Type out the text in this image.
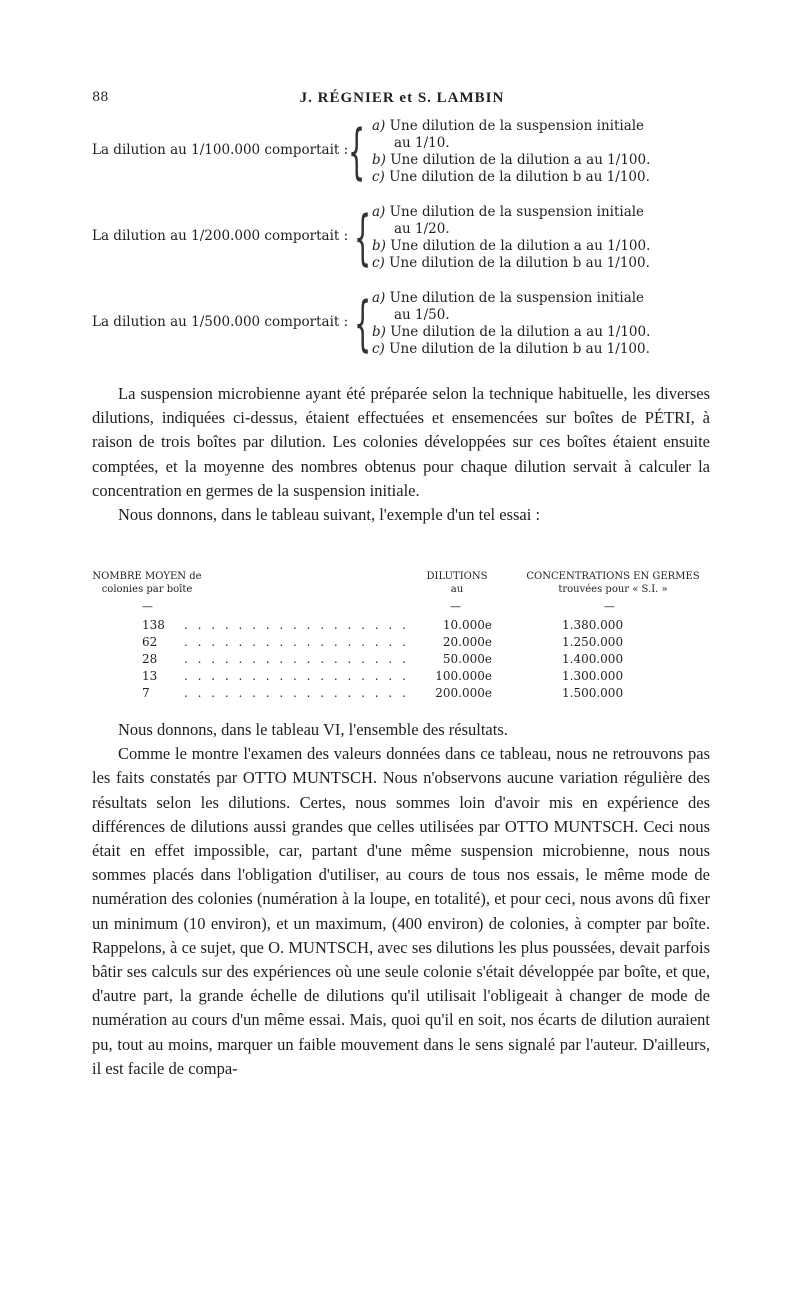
88	J. RÉGNIER et S. LAMBIN
La dilution au 1/100.000 comportait : { a) Une dilution de la suspension initiale
au 1/10.
b) Une dilution de la dilution a au 1/100.
c) Une dilution de la dilution b au 1/100.
La dilution au 1/200.000 comportait : { a) Une dilution de la suspension initiale
au 1/20.
b) Une dilution de la dilution a au 1/100.
c) Une dilution de la dilution b au 1/100.
La dilution au 1/500.000 comportait : { a) Une dilution de la suspension initiale
au 1/50.
b) Une dilution de la dilution a au 1/100.
c) Une dilution de la dilution b au 1/100.

La suspension microbienne ayant été préparée selon la technique habituelle, les diverses dilutions, indiquées ci-dessus, étaient effectuées et ensemencées sur boîtes de PÉTRI, à raison de trois boîtes par dilution. Les colonies développées sur ces boîtes étaient ensuite comptées, et la moyenne des nombres obtenus pour chaque dilution servait à calculer la concentration en germes de la suspension initiale.

Nous donnons, dans le tableau suivant, l'exemple d'un tel essai :

NOMBRE MOYEN de colonies par boîte
DILUTIONS au
CONCENTRATIONS EN GERMES trouvées pour « S.I. »
—	—	—
138	. . . . . . . . . . . . . . . . .	10.000e	1.380.000
62	. . . . . . . . . . . . . . . . .	20.000e	1.250.000
28	. . . . . . . . . . . . . . . . .	50.000e	1.400.000
13	. . . . . . . . . . . . . . . . .	100.000e	1.300.000
7	. . . . . . . . . . . . . . . . .	200.000e	1.500.000

Nous donnons, dans le tableau VI, l'ensemble des résultats.

Comme le montre l'examen des valeurs données dans ce tableau, nous ne retrouvons pas les faits constatés par OTTO MUNTSCH. Nous n'observons aucune variation régulière des résultats selon les dilutions. Certes, nous sommes loin d'avoir mis en expérience des différences de dilutions aussi grandes que celles utilisées par OTTO MUNTSCH. Ceci nous était en effet impossible, car, partant d'une même suspension microbienne, nous nous sommes placés dans l'obligation d'utiliser, au cours de tous nos essais, le même mode de numération des colonies (numération à la loupe, en totalité), et pour ceci, nous avons dû fixer un minimum (10 environ), et un maximum, (400 environ) de colonies, à compter par boîte. Rappelons, à ce sujet, que O. MUNTSCH, avec ses dilutions les plus poussées, devait parfois bâtir ses calculs sur des expériences où une seule colonie s'était développée par boîte, et que, d'autre part, la grande échelle de dilutions qu'il utilisait l'obligeait à changer de mode de numération au cours d'un même essai. Mais, quoi qu'il en soit, nos écarts de dilution auraient pu, tout au moins, marquer un faible mouvement dans le sens signalé par l'auteur. D'ailleurs, il est facile de compa-
